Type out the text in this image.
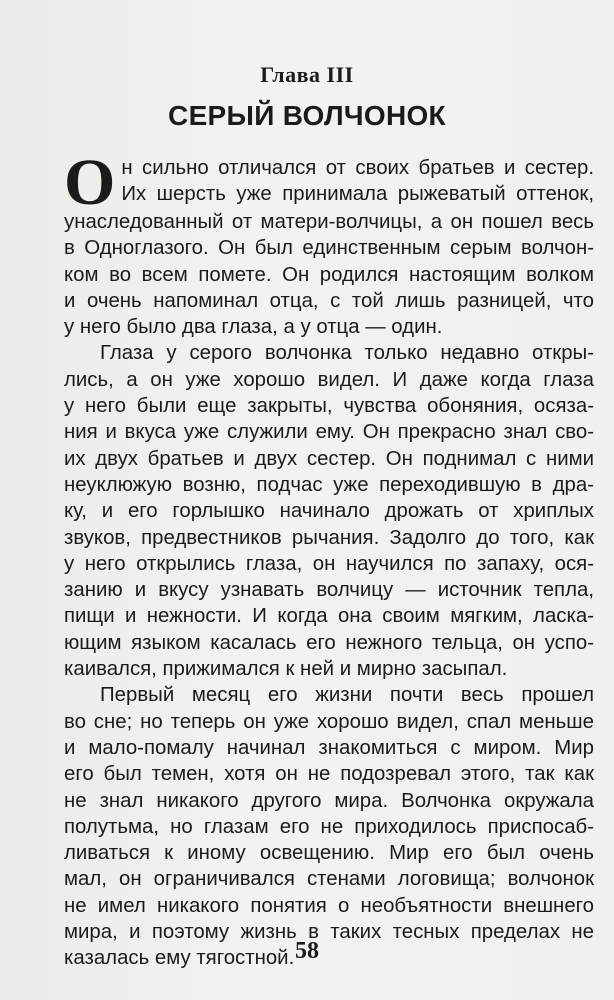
Глава III
СЕРЫЙ ВОЛЧОНОК
О н сильно отличался от своих братьев и сестер.
Их шерсть уже принимала рыжеватый оттенок,
унаследованный от матери-волчицы, а он пошел весь
в Одноглазого. Он был единственным серым волчон-
ком во всем помете. Он родился настоящим волком
и очень напоминал отца, с той лишь разницей, что
у него было два глаза, а у отца — один.
Глаза у серого волчонка только недавно откры-
лись, а он уже хорошо видел. И даже когда глаза
у него были еще закрыты, чувства обоняния, осяза-
ния и вкуса уже служили ему. Он прекрасно знал сво-
их двух братьев и двух сестер. Он поднимал с ними
неуклюжую возню, подчас уже переходившую в дра-
ку, и его горлышко начинало дрожать от хриплых
звуков, предвестников рычания. Задолго до того, как
у него открылись глаза, он научился по запаху, ося-
занию и вкусу узнавать волчицу — источник тепла,
пищи и нежности. И когда она своим мягким, ласка-
ющим языком касалась его нежного тельца, он успо-
каивался, прижимался к ней и мирно засыпал.
Первый месяц его жизни почти весь прошел
во сне; но теперь он уже хорошо видел, спал меньше
и мало-помалу начинал знакомиться с миром. Мир
его был темен, хотя он не подозревал этого, так как
не знал никакого другого мира. Волчонка окружала
полутьма, но глазам его не приходилось приспосаб-
ливаться к иному освещению. Мир его был очень
мал, он ограничивался стенами логовища; волчонок
не имел никакого понятия о необъятности внешнего
мира, и поэтому жизнь в таких тесных пределах не
казалась ему тягостной. 58
